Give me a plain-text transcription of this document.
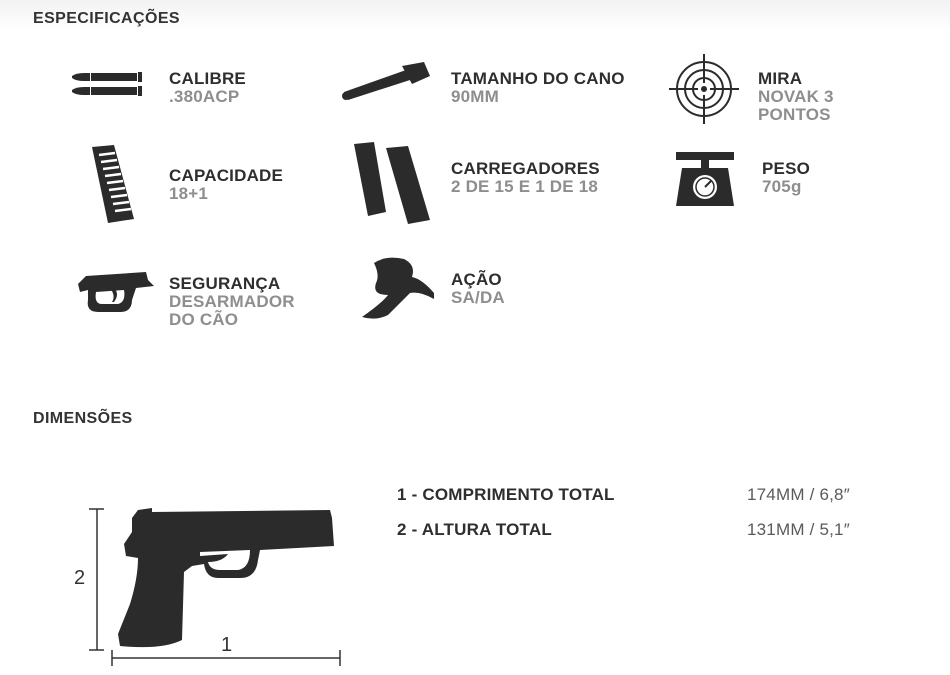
ESPECIFICAÇÕES
CALIBRE
.380ACP
TAMANHO DO CANO
90MM
MIRA
NOVAK 3
PONTOS
CAPACIDADE
18+1
CARREGADORES
2 DE 15 E 1 DE 18
PESO
705g
SEGURANÇA
DESARMADOR
DO CÃO
AÇÃO
SA/DA
DIMENSÕES
1 - COMPRIMENTO TOTAL	174MM / 6,8″
2 - ALTURA TOTAL	131MM / 5,1″
2
1
